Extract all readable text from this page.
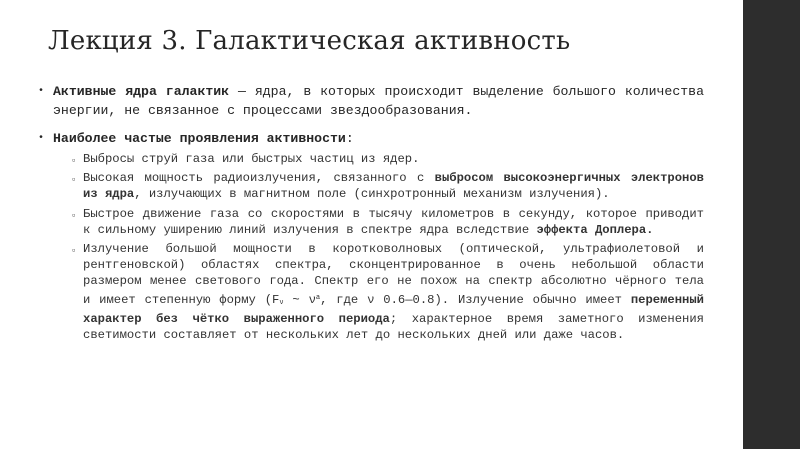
Лекция 3. Галактическая активность
• Активные ядра галактик — ядра, в которых происходит выделение большого количества энергии, не связанное с процессами звездообразования.
• Наиболее частые проявления активности:
▫ Выбросы струй газа или быстрых частиц из ядер.
▫ Высокая мощность радиоизлучения, связанного с выбросом высокоэнергичных электронов из ядра, излучающих в магнитном поле (синхротронный механизм излучения).
▫ Быстрое движение газа со скоростями в тысячу километров в секунду, которое приводит к сильному уширению линий излучения в спектре ядра вследствие эффекта Доплера.
▫ Излучение большой мощности в коротковолновых (оптической, ультрафиолетовой и рентгеновской) областях спектра, сконцентрированное в очень небольшой области размером менее светового года. Спектр его не похож на спектр абсолютно чёрного тела и имеет степенную форму (Fν ~ $\nu^a$, где ν 0.6—0.8). Излучение обычно имеет переменный характер без чётко выраженного периода; характерное время заметного изменения светимости составляет от нескольких лет до нескольких дней или даже часов.
